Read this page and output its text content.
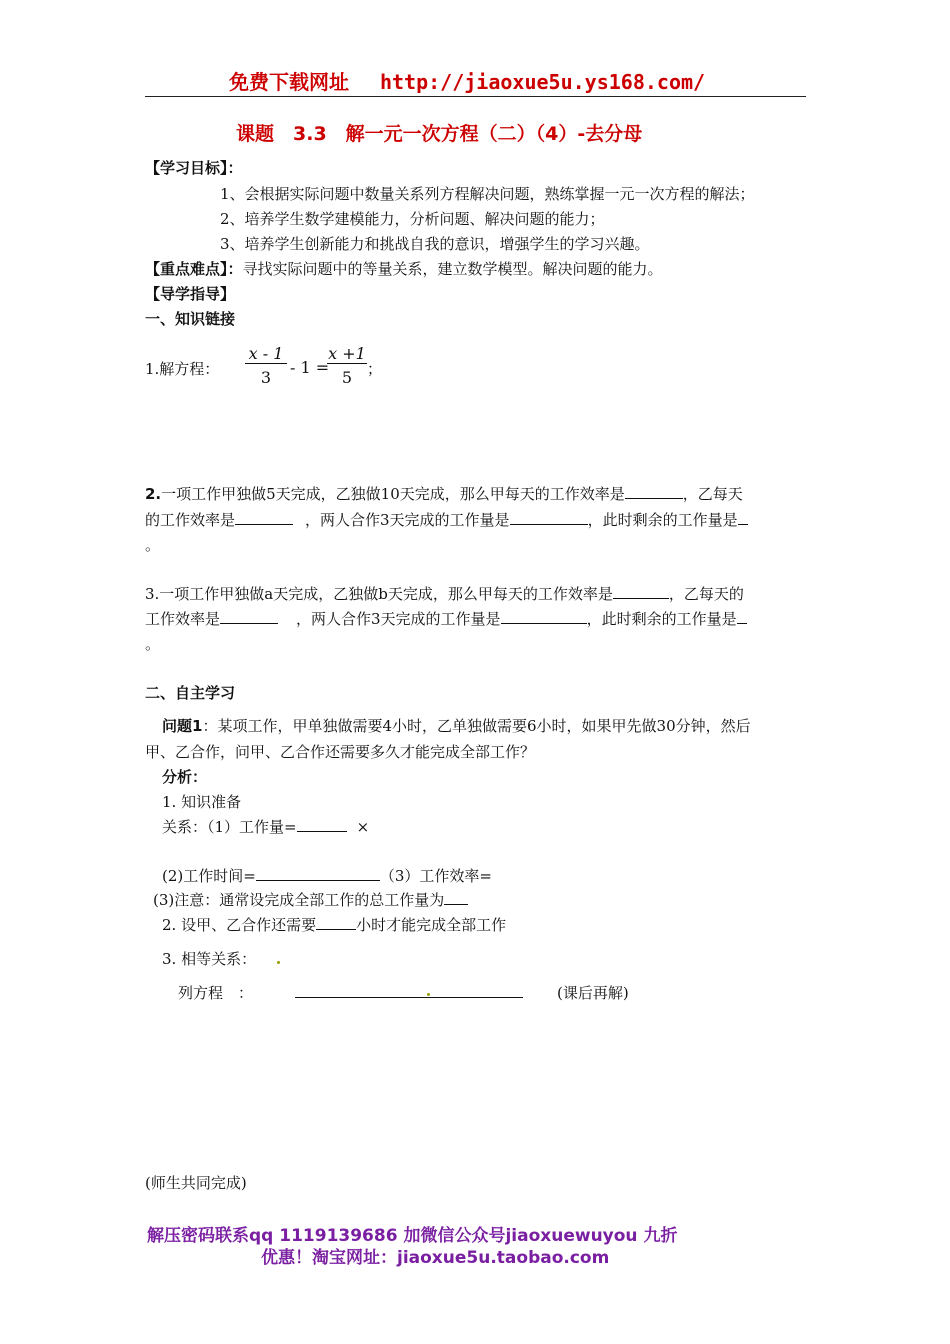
免费下载网址 http://jiaoxue5u.ys168.com/
课题　3.3　解一元一次方程（二）（4）-去分母
【学习目标】：
1、会根据实际问题中数量关系列方程解决问题，熟练掌握一元一次方程的解法；
2、培养学生数学建模能力，分析问题、解决问题的能力；
3、培养学生创新能力和挑战自我的意识，增强学生的学习兴趣。
【重点难点】：寻找实际问题中的等量关系，建立数学模型。解决问题的能力。
【导学指导】
一、知识链接
1.解方程： $\frac{x - 1}{3} - 1$ =
$\frac{x +1}{5}$ ；
2.一项工作甲独做5天完成，乙独做10天完成，那么甲每天的工作效率是	，乙每天
的工作效率是	，两人合作3天完成的工作量是	，此时剩余的工作量是
。
3.一项工作甲独做a天完成，乙独做b天完成，那么甲每天的工作效率是	，乙每天的
工作效率是	，两人合作3天完成的工作量是	，此时剩余的工作量是
。
二、自主学习
问题1：某项工作，甲单独做需要4小时，乙单独做需要6小时，如果甲先做30分钟，然后
甲、乙合作，问甲、乙合作还需要多久才能完成全部工作？
分析：
1. 知识准备
关系：（1）工作量=	×
(2)工作时间=	（3）工作效率=
(3)注意：通常设完成全部工作的总工作量为
2. 设甲、乙合作还需要	小时才能完成全部工作
3. 相等关系：
列方程　：	(课后再解)
(师生共同完成)
解压密码联系qq 1119139686 加微信公众号jiaoxuewuyou 九折
优惠！淘宝网址：jiaoxue5u.taobao.com
